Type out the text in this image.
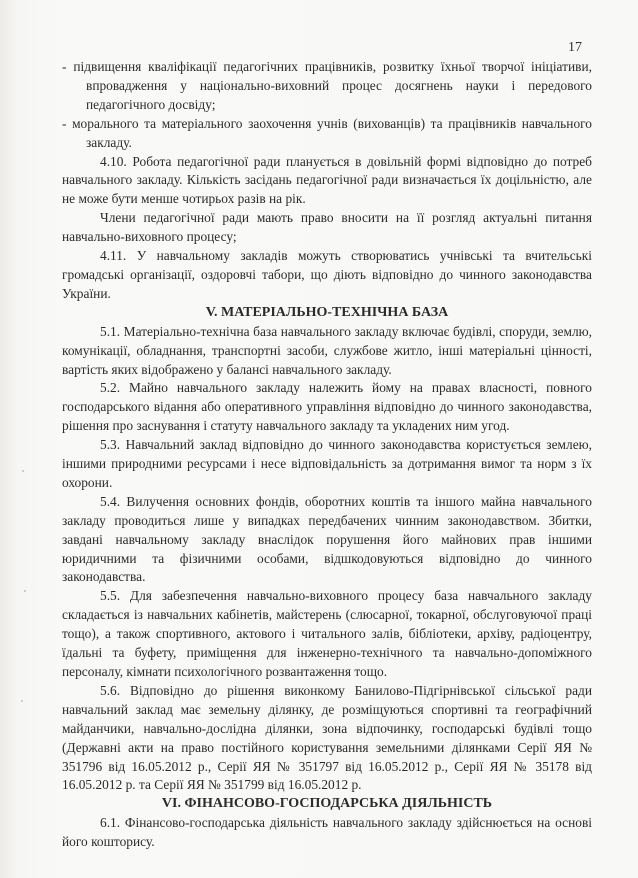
17

- підвищення кваліфікації педагогічних працівників, розвитку їхньої творчої ініціативи, впровадження у національно-виховний процес досягнень науки і передового педагогічного досвіду;

- морального та матеріального заохочення учнів (вихованців) та працівників навчального закладу.

4.10. Робота педагогічної ради планується в довільній формі відповідно до потреб навчального закладу. Кількість засідань педагогічної ради визначається їх доцільністю, але не може бути менше чотирьох разів на рік.

Члени педагогічної ради мають право вносити на її розгляд актуальні питання навчально-виховного процесу;

4.11. У навчальному закладів можуть створюватись учнівські та вчительські громадські організації, оздоровчі табори, що діють відповідно до чинного законодавства України.

V. МАТЕРІАЛЬНО-ТЕХНІЧНА БАЗА

5.1. Матеріально-технічна база навчального закладу включає будівлі, споруди, землю, комунікації, обладнання, транспортні засоби, службове житло, інші матеріальні цінності, вартість яких відображено у балансі навчального закладу.

5.2. Майно навчального закладу належить йому на правах власності, повного господарського відання або оперативного управління відповідно до чинного законодавства, рішення про заснування і статуту навчального закладу та укладених ним угод.

5.3. Навчальний заклад відповідно до чинного законодавства користується землею, іншими природними ресурсами і несе відповідальність за дотримання вимог та норм з їх охорони.

5.4. Вилучення основних фондів, оборотних коштів та іншого майна навчального закладу проводиться лише у випадках передбачених чинним законодавством. Збитки, завдані навчальному закладу внаслідок порушення його майнових прав іншими юридичними та фізичними особами, відшкодовуються відповідно до чинного законодавства.

5.5. Для забезпечення навчально-виховного процесу база навчального закладу складається із навчальних кабінетів, майстерень (слюсарної, токарної, обслуговуючої праці тощо), а також спортивного, актового і читального залів, бібліотеки, архіву, радіоцентру, їдальні та буфету, приміщення для інженерно-технічного та навчально-допоміжного персоналу, кімнати психологічного розвантаження тощо.

5.6. Відповідно до рішення виконкому Банилово-Підгірнівської сільської ради навчальний заклад має земельну ділянку, де розміщуються спортивні та географічний майданчики, навчально-дослідна ділянки, зона відпочинку, господарські будівлі тощо (Державні акти на право постійного користування земельними ділянками Серії ЯЯ № 351796 від 16.05.2012 р., Серії ЯЯ № 351797 від 16.05.2012 р., Серії ЯЯ № 35178 від 16.05.2012 р. та Серії ЯЯ № 351799 від 16.05.2012 р.

VI. ФІНАНСОВО-ГОСПОДАРСЬКА ДІЯЛЬНІСТЬ

6.1. Фінансово-господарська діяльність навчального закладу здійснюється на основі його кошторису.
